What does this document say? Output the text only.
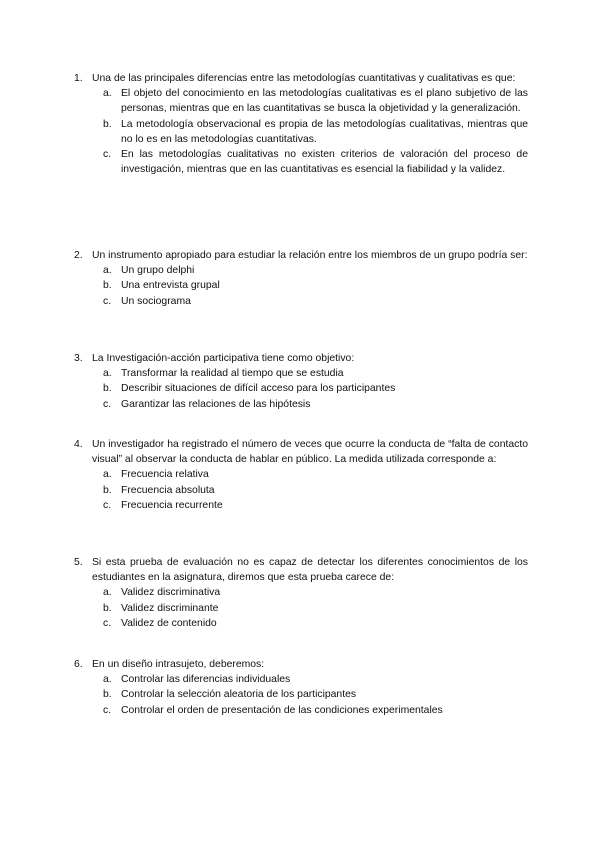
1. Una de las principales diferencias entre las metodologías cuantitativas y cualitativas es que:
a. El objeto del conocimiento en las metodologías cualitativas es el plano subjetivo de las personas, mientras que en las cuantitativas se busca la objetividad y la generalización.
b. La metodología observacional es propia de las metodologías cualitativas, mientras que no lo es en las metodologías cuantitativas.
c. En las metodologías cualitativas no existen criterios de valoración del proceso de investigación, mientras que en las cuantitativas es esencial la fiabilidad y la validez.
2. Un instrumento apropiado para estudiar la relación entre los miembros de un grupo podría ser:
a. Un grupo delphi
b. Una entrevista grupal
c. Un sociograma
3. La Investigación-acción participativa tiene como objetivo:
a. Transformar la realidad al tiempo que se estudia
b. Describir situaciones de difícil acceso para los participantes
c. Garantizar las relaciones de las hipótesis
4. Un investigador ha registrado el número de veces que ocurre la conducta de “falta de contacto visual” al observar la conducta de hablar en público. La medida utilizada corresponde a:
a. Frecuencia relativa
b. Frecuencia absoluta
c. Frecuencia recurrente
5. Si esta prueba de evaluación no es capaz de detectar los diferentes conocimientos de los estudiantes en la asignatura, diremos que esta prueba carece de:
a. Validez discriminativa
b. Validez discriminante
c. Validez de contenido
6. En un diseño intrasujeto, deberemos:
a. Controlar las diferencias individuales
b. Controlar la selección aleatoria de los participantes
c. Controlar el orden de presentación de las condiciones experimentales
